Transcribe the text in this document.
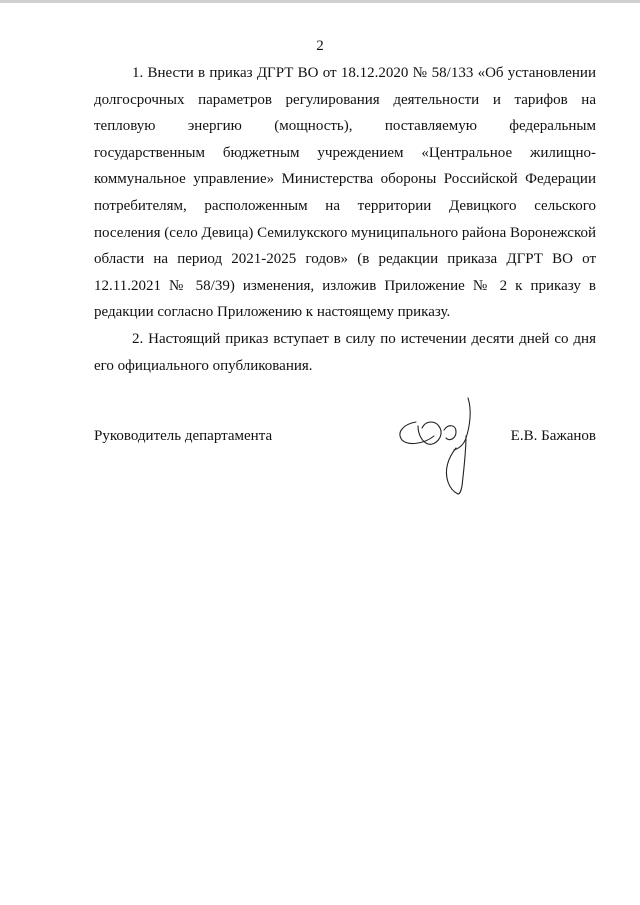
2

1. Внести в приказ ДГРТ ВО от 18.12.2020 № 58/133 «Об установлении долгосрочных параметров регулирования деятельности и тарифов на тепловую энергию (мощность), поставляемую федеральным государственным бюджетным учреждением «Центральное жилищно-коммунальное управление» Министерства обороны Российской Федерации потребителям, расположенным на территории Девицкого сельского поселения (село Девица) Семилукского муниципального района Воронежской области на период 2021-2025 годов» (в редакции приказа ДГРТ ВО от 12.11.2021 № 58/39) изменения, изложив Приложение № 2 к приказу в редакции согласно Приложению к настоящему приказу.

2. Настоящий приказ вступает в силу по истечении десяти дней со дня его официального опубликования.

Руководитель департамента	Е.В. Бажанов
